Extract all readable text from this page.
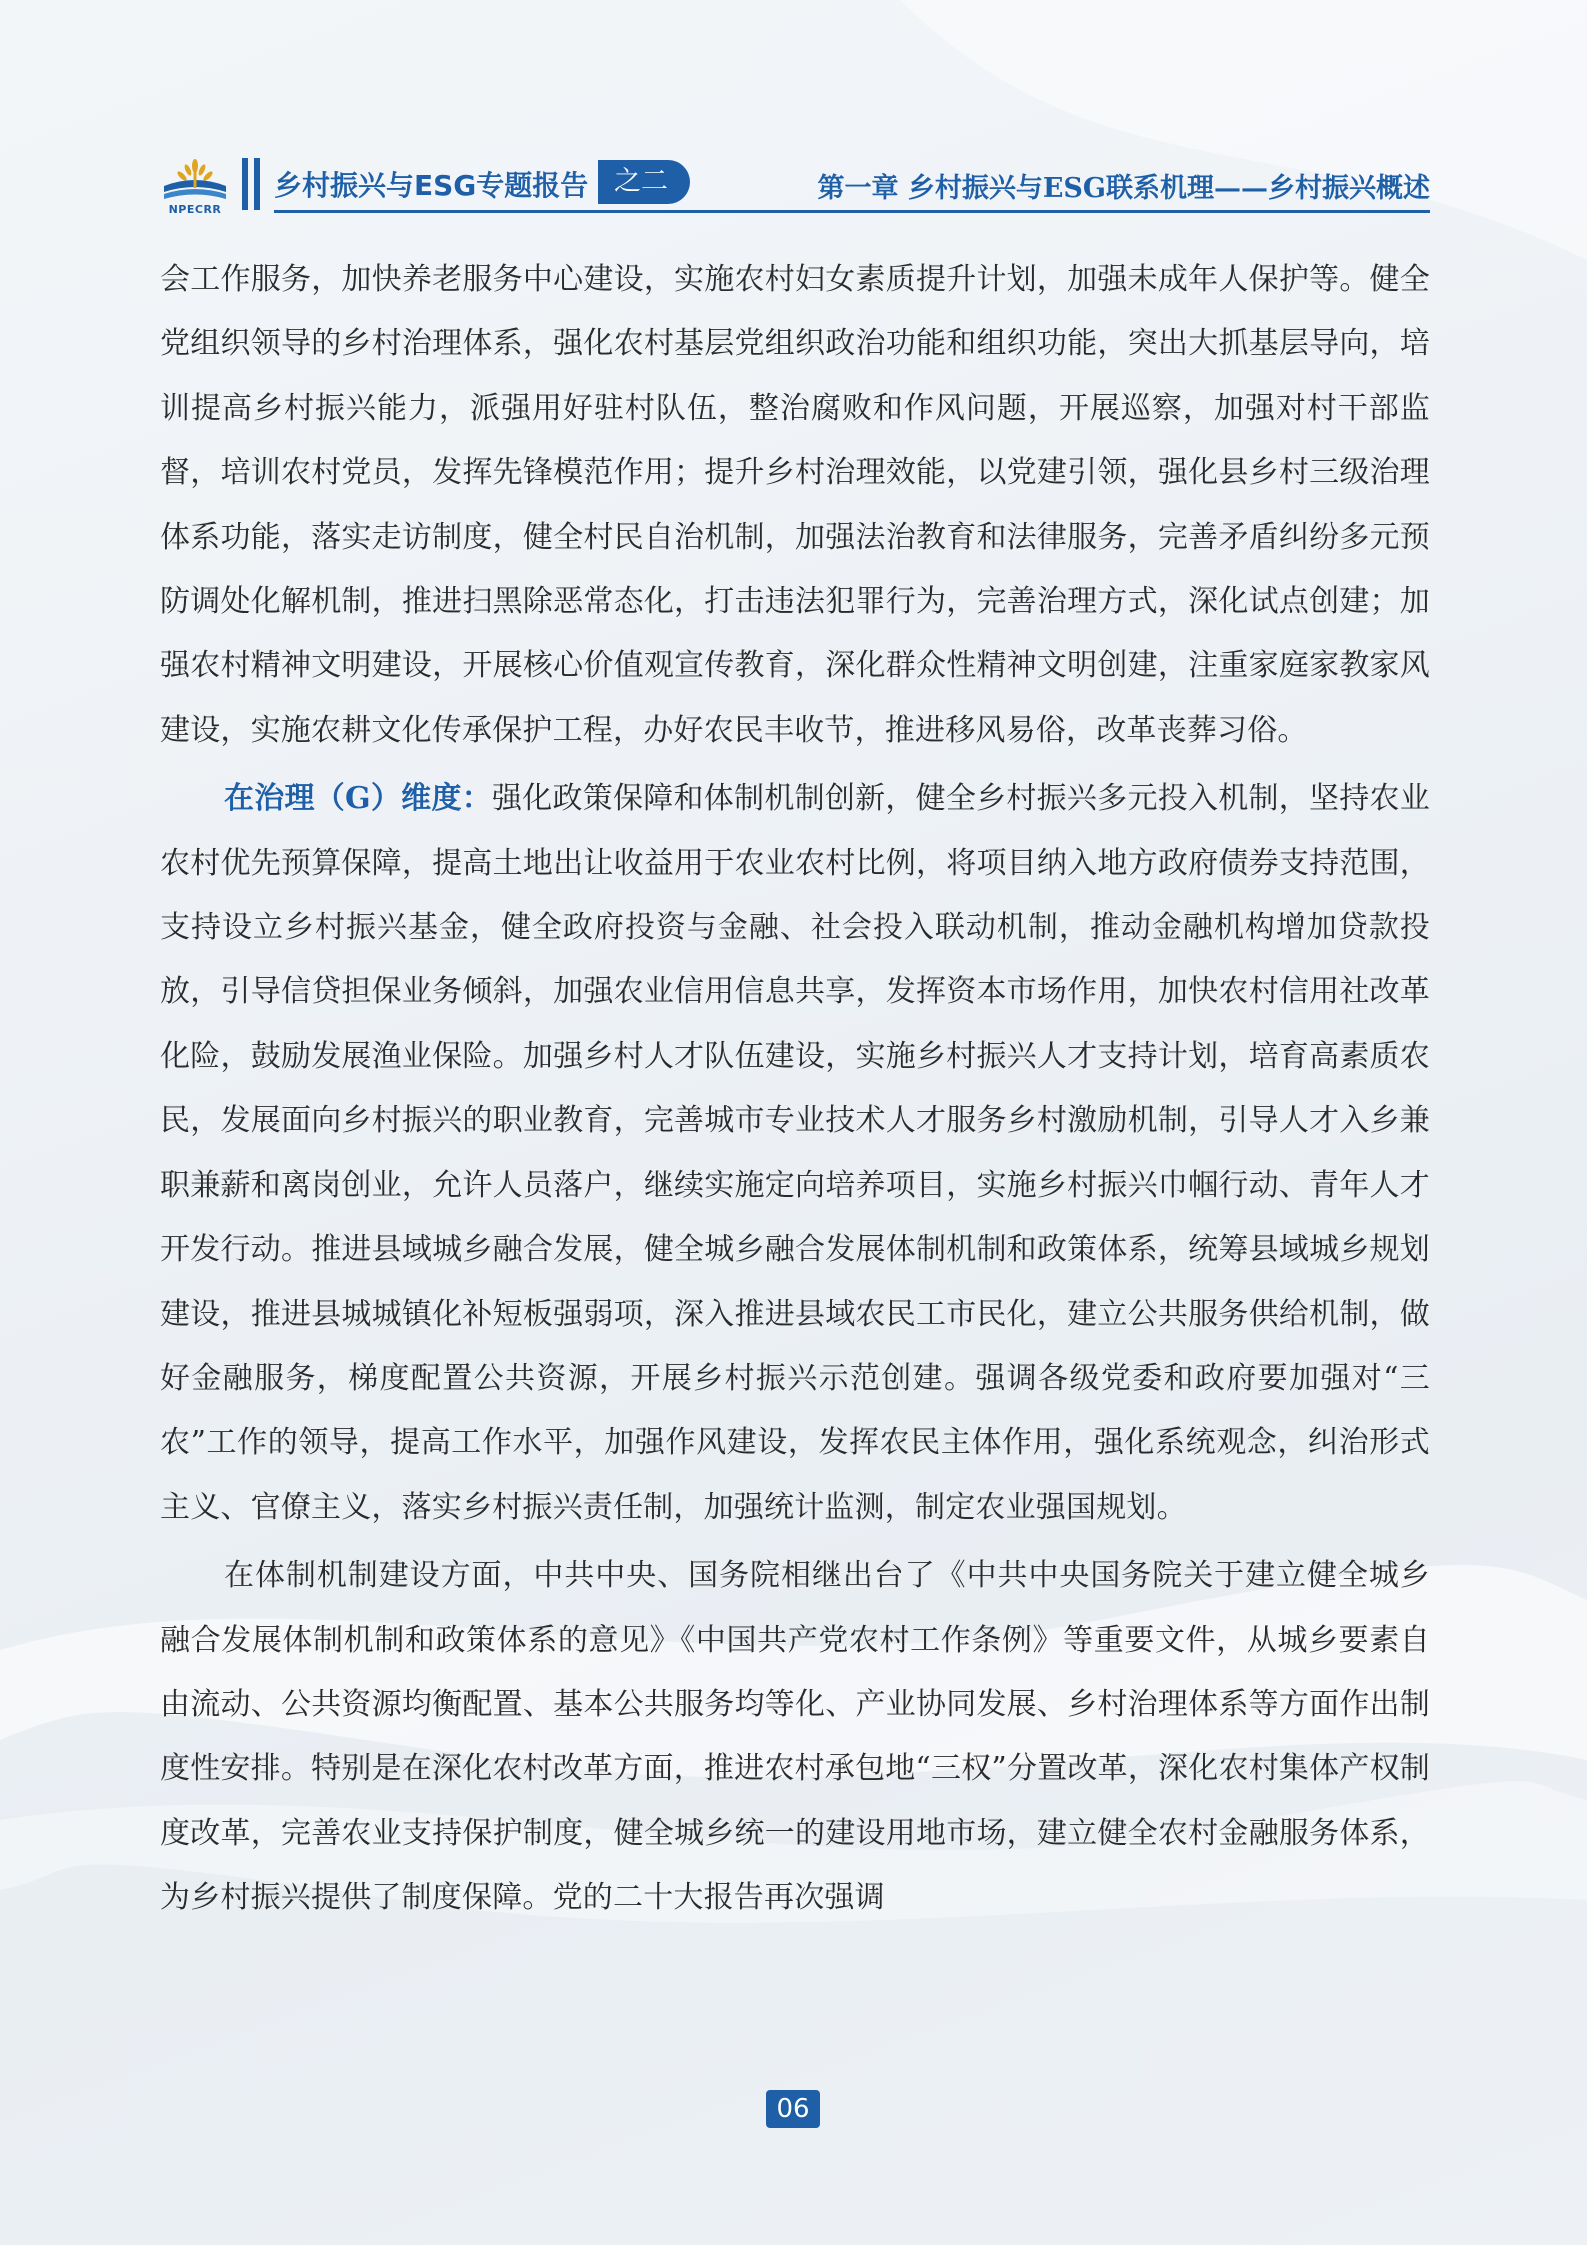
NPECRR
乡村振兴与ESG专题报告 之二	第一章 乡村振兴与ESG联系机理——乡村振兴概述

会工作服务，加快养老服务中心建设，实施农村妇女素质提升计划，加强未成年人保护等。健全党组织领导的乡村治理体系，强化农村基层党组织政治功能和组织功能，突出大抓基层导向，培训提高乡村振兴能力，派强用好驻村队伍，整治腐败和作风问题，开展巡察，加强对村干部监督，培训农村党员，发挥先锋模范作用；提升乡村治理效能，以党建引领，强化县乡村三级治理体系功能，落实走访制度，健全村民自治机制，加强法治教育和法律服务，完善矛盾纠纷多元预防调处化解机制，推进扫黑除恶常态化，打击违法犯罪行为，完善治理方式，深化试点创建；加强农村精神文明建设，开展核心价值观宣传教育，深化群众性精神文明创建，注重家庭家教家风建设，实施农耕文化传承保护工程，办好农民丰收节，推进移风易俗，改革丧葬习俗。

在治理（G）维度：强化政策保障和体制机制创新，健全乡村振兴多元投入机制，坚持农业农村优先预算保障，提高土地出让收益用于农业农村比例，将项目纳入地方政府债券支持范围，支持设立乡村振兴基金，健全政府投资与金融、社会投入联动机制，推动金融机构增加贷款投放，引导信贷担保业务倾斜，加强农业信用信息共享，发挥资本市场作用，加快农村信用社改革化险，鼓励发展渔业保险。加强乡村人才队伍建设，实施乡村振兴人才支持计划，培育高素质农民，发展面向乡村振兴的职业教育，完善城市专业技术人才服务乡村激励机制，引导人才入乡兼职兼薪和离岗创业，允许人员落户，继续实施定向培养项目，实施乡村振兴巾帼行动、青年人才开发行动。推进县域城乡融合发展，健全城乡融合发展体制机制和政策体系，统筹县域城乡规划建设，推进县城城镇化补短板强弱项，深入推进县域农民工市民化，建立公共服务供给机制，做好金融服务，梯度配置公共资源，开展乡村振兴示范创建。强调各级党委和政府要加强对“三农”工作的领导，提高工作水平，加强作风建设，发挥农民主体作用，强化系统观念，纠治形式主义、官僚主义，落实乡村振兴责任制，加强统计监测，制定农业强国规划。

在体制机制建设方面，中共中央、国务院相继出台了《中共中央国务院关于建立健全城乡融合发展体制机制和政策体系的意见》《中国共产党农村工作条例》等重要文件，从城乡要素自由流动、公共资源均衡配置、基本公共服务均等化、产业协同发展、乡村治理体系等方面作出制度性安排。特别是在深化农村改革方面，推进农村承包地“三权”分置改革，深化农村集体产权制度改革，完善农业支持保护制度，健全城乡统一的建设用地市场，建立健全农村金融服务体系，为乡村振兴提供了制度保障。党的二十大报告再次强调

06
